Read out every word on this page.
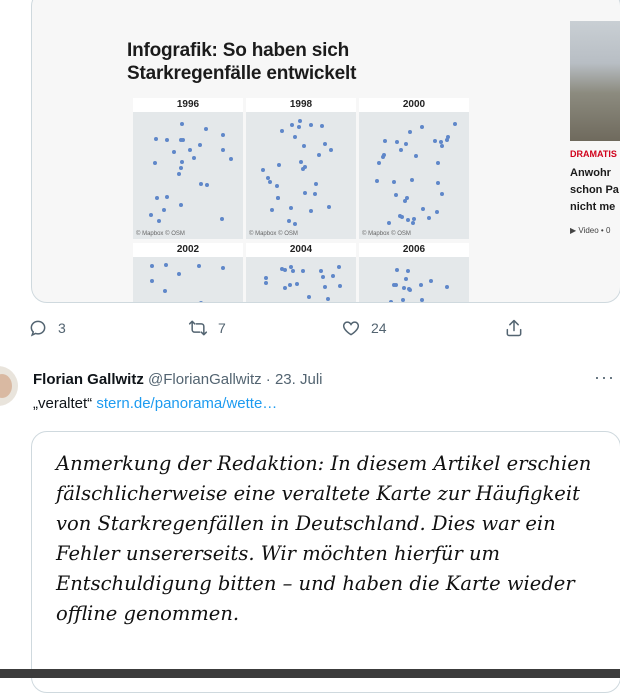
Infografik: So haben sich Starkregenfälle entwickelt
1996
© Mapbox © OSM
1998
© Mapbox © OSM
2000
© Mapbox © OSM
2002	2004	2006
DRAMATIS
Anwohr
schon Pa
nicht me
▶ Video • 0
3	7	24
Florian Gallwitz @FlorianGallwitz · 23. Juli	···
„veraltet“ stern.de/panorama/wette…
Anmerkung der Redaktion: In diesem Artikel erschien fälschlicherweise eine veraltete Karte zur Häufigkeit von Starkregenfällen in Deutschland. Dies war ein Fehler unsererseits. Wir möchten hierfür um Entschuldigung bitten – und haben die Karte wieder offline genommen.
